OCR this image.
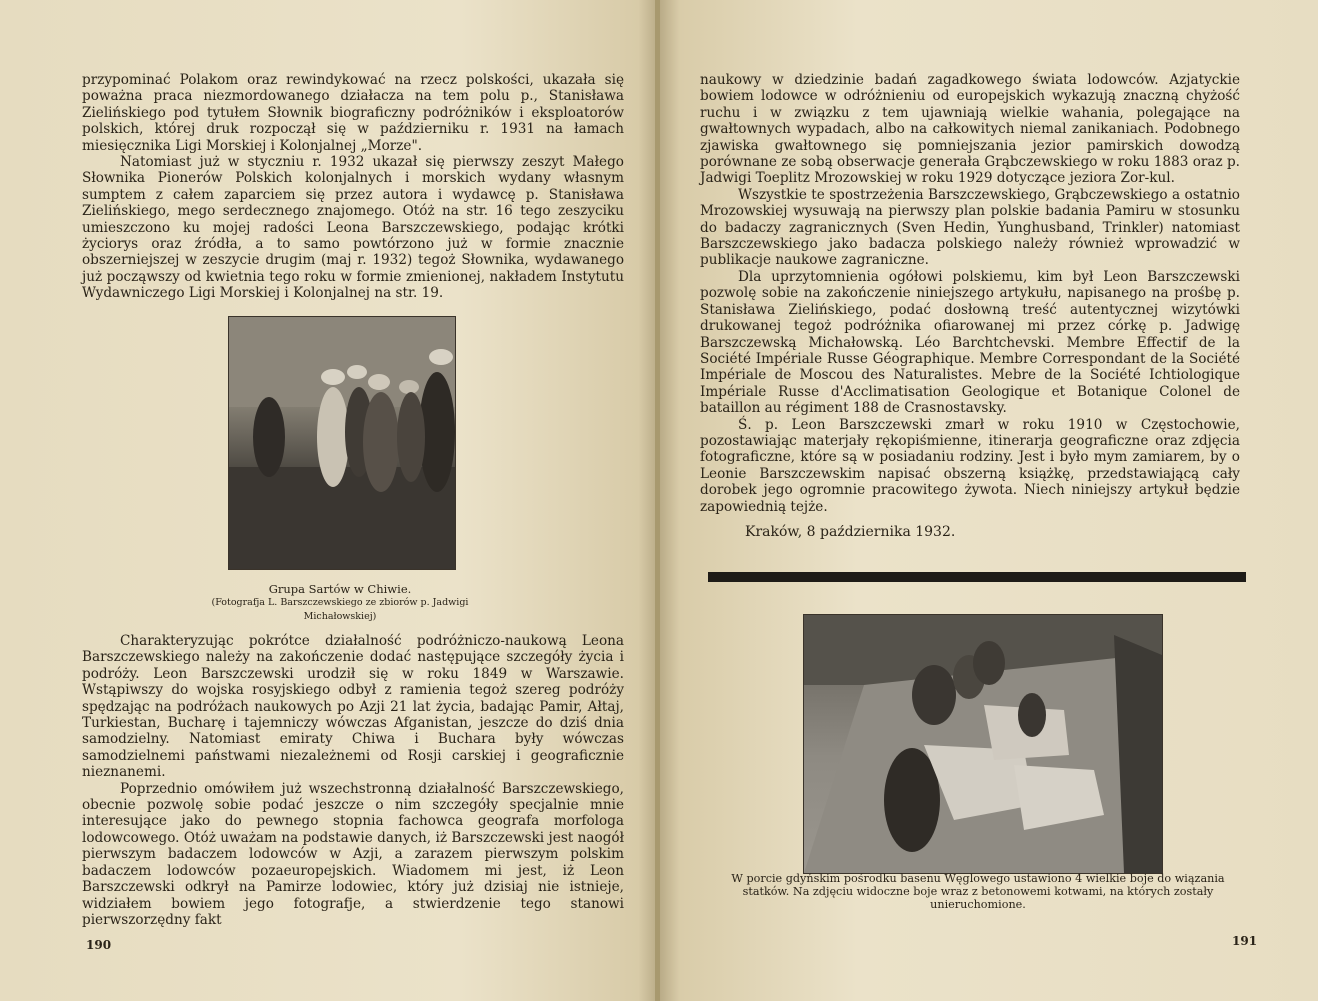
przypominać Polakom oraz rewindykować na rzecz polskości, ukazała się poważna praca niezmordowanego działacza na tem polu p., Stanisława Zielińskiego pod tytułem Słownik biograficzny podróżników i eksploatorów polskich, której druk rozpoczął się w październiku r. 1931 na łamach miesięcznika Ligi Morskiej i Kolonjalnej „Morze".

Natomiast już w styczniu r. 1932 ukazał się pierwszy zeszyt Małego Słownika Pionerów Polskich kolonjalnych i morskich wydany własnym sumptem z całem zaparciem się przez autora i wydawcę p. Stanisława Zielińskiego, mego serdecznego znajomego. Otóż na str. 16 tego zeszyciku umieszczono ku mojej radości Leona Barszczewskiego, podając krótki życiorys oraz źródła, a to samo powtórzono już w formie znacznie obszerniejszej w zeszycie drugim (maj r. 1932) tegoż Słownika, wydawanego już począwszy od kwietnia tego roku w formie zmienionej, nakładem Instytutu Wydawniczego Ligi Morskiej i Kolonjalnej na str. 19.

Grupa Sartów w Chiwie.
(Fotografja L. Barszczewskiego ze zbiorów p. Jadwigi Michałowskiej)

Charakteryzując pokrótce działalność podróżniczo-naukową Leona Barszczewskiego należy na zakończenie dodać następujące szczegóły życia i podróży. Leon Barszczewski urodził się w roku 1849 w Warszawie. Wstąpiwszy do wojska rosyjskiego odbył z ramienia tegoż szereg podróży spędzając na podróżach naukowych po Azji 21 lat życia, badając Pamir, Ałtaj, Turkiestan, Bucharę i tajemniczy wówczas Afganistan, jeszcze do dziś dnia samodzielny. Natomiast emiraty Chiwa i Buchara były wówczas samodzielnemi państwami niezależnemi od Rosji carskiej i geograficznie nieznanemi.

Poprzednio omówiłem już wszechstronną działalność Barszczewskiego, obecnie pozwolę sobie podać jeszcze o nim szczegóły specjalnie mnie interesujące jako do pewnego stopnia fachowca geografa morfologa lodowcowego. Otóż uważam na podstawie danych, iż Barszczewski jest naogół pierwszym badaczem lodowców w Azji, a zarazem pierwszym polskim badaczem lodowców pozaeuropejskich. Wiadomem mi jest, iż Leon Barszczewski odkrył na Pamirze lodowiec, który już dzisiaj nie istnieje, widziałem bowiem jego fotografje, a stwierdzenie tego stanowi pierwszorzędny fakt

190

naukowy w dziedzinie badań zagadkowego świata lodowców. Azjatyckie bowiem lodowce w odróżnieniu od europejskich wykazują znaczną chyżość ruchu i w związku z tem ujawniają wielkie wahania, polegające na gwałtownych wypadach, albo na całkowitych niemal zanikaniach. Podobnego zjawiska gwałtownego się pomniejszania jezior pamirskich dowodzą porównane ze sobą obserwacje generała Grąbczewskiego w roku 1883 oraz p. Jadwigi Toeplitz Mrozowskiej w roku 1929 dotyczące jeziora Zor-kul.

Wszystkie te spostrzeżenia Barszczewskiego, Grąbczewskiego a ostatnio Mrozowskiej wysuwają na pierwszy plan polskie badania Pamiru w stosunku do badaczy zagranicznych (Sven Hedin, Yunghusband, Trinkler) natomiast Barszczewskiego jako badacza polskiego należy również wprowadzić w publikacje naukowe zagraniczne.

Dla uprzytomnienia ogółowi polskiemu, kim był Leon Barszczewski pozwolę sobie na zakończenie niniejszego artykułu, napisanego na prośbę p. Stanisława Zielińskiego, podać dosłowną treść autentycznej wizytówki drukowanej tegoż podróżnika ofiarowanej mi przez córkę p. Jadwigę Barszczewską Michałowską. Léo Barchtchevski. Membre Effectif de la Société Impériale Russe Géographique. Membre Correspondant de la Société Impériale de Moscou des Naturalistes. Mebre de la Société Ichtiologique Impériale Russe d'Acclimatisation Geologique et Botanique Colonel de bataillon au régiment 188 de Crasnostavsky.

Ś. p. Leon Barszczewski zmarł w roku 1910 w Częstochowie, pozostawiając materjały rękopiśmienne, itinerarja geograficzne oraz zdjęcia fotograficzne, które są w posiadaniu rodziny. Jest i było mym zamiarem, by o Leonie Barszczewskim napisać obszerną książkę, przedstawiającą cały dorobek jego ogromnie pracowitego żywota. Niech niniejszy artykuł będzie zapowiednią tejże.

Kraków, 8 października 1932.
W porcie gdyńskim pośrodku basenu Węglowego ustawiono 4 wielkie boje do wiązania statków. Na zdjęciu widoczne boje wraz z betonowemi kotwami, na których zostały unieruchomione.
191
